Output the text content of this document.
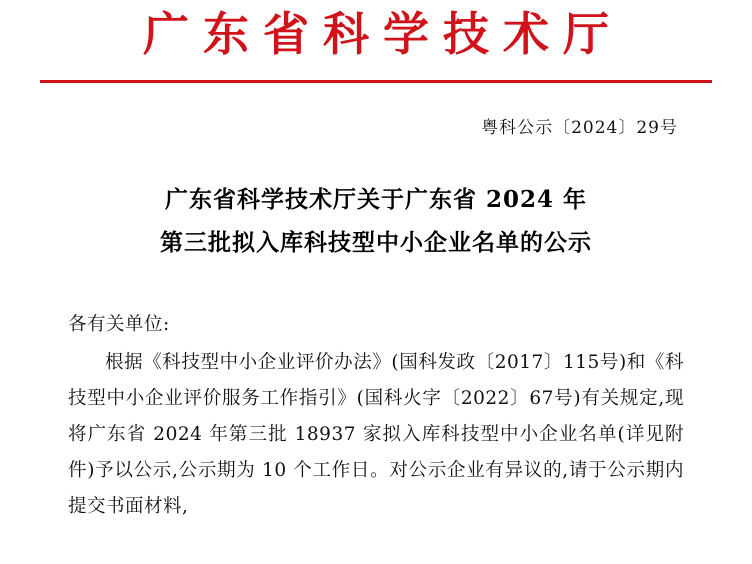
广东省科学技术厅
粤科公示〔2024〕29号
广东省科学技术厅关于广东省 2024 年
第三批拟入库科技型中小企业名单的公示
各有关单位:
根据《科技型中小企业评价办法》(国科发政〔2017〕115号)和《科技型中小企业评价服务工作指引》(国科火字〔2022〕67号)有关规定,现将广东省 2024 年第三批 18937 家拟入库科技型中小企业名单(详见附件)予以公示,公示期为 10 个工作日。对公示企业有异议的,请于公示期内提交书面材料,
